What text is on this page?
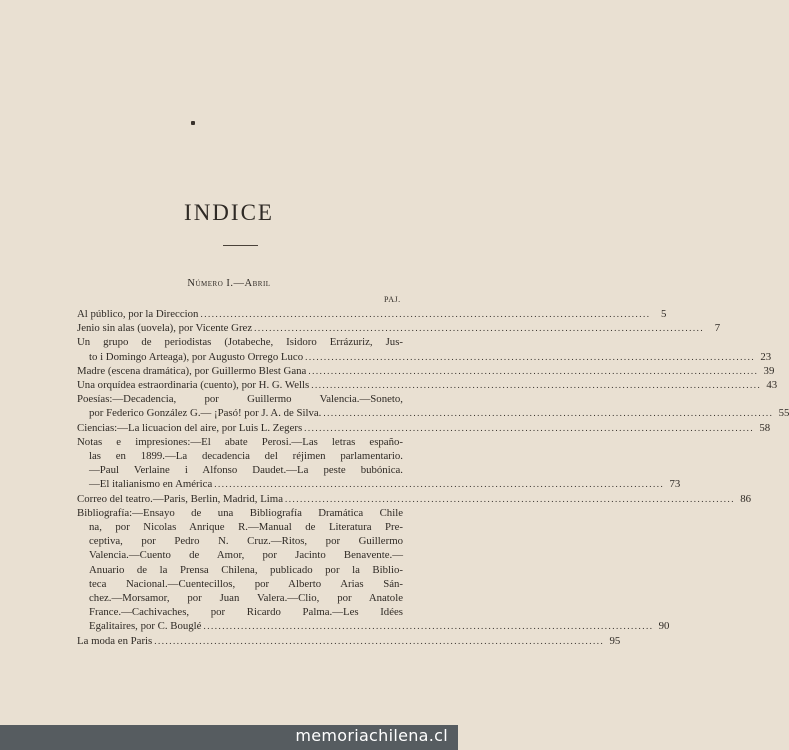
INDICE
Número I.—Abril
PAJ.
Al público, por la Direccion ........................................................................................................................ 5
Jenio sin alas (uovela), por Vicente Grez ........................................................................................................................ 7
Un grupo de periodistas (Jotabeche, Isidoro Errázuriz, Jus-
to i Domingo Arteaga), por Augusto Orrego Luco ........................................................................................................................ 23
Madre (escena dramática), por Guillermo Blest Gana ........................................................................................................................ 39
Una orquídea estraordinaria (cuento), por H. G. Wells ........................................................................................................................ 43
Poesías:—Decadencia, por Guillermo Valencia.—Soneto,
por Federico González G.— ¡Pasó! por J. A. de Silva. ........................................................................................................................ 55
Ciencias:—La licuacion del aire, por Luis L. Zegers ........................................................................................................................ 58
Notas e impresiones:—El abate Perosi.—Las letras españo-
las en 1899.—La decadencia del réjimen parlamentario.
—Paul Verlaine i Alfonso Daudet.—La peste bubónica.
—El italianismo en América ........................................................................................................................ 73
Correo del teatro.—Paris, Berlin, Madrid, Lima ........................................................................................................................ 86
Bibliografía:—Ensayo de una Bibliografía Dramática Chile
na, por Nicolas Anrique R.—Manual de Literatura Pre-
ceptiva, por Pedro N. Cruz.—Ritos, por Guillermo
Valencia.—Cuento de Amor, por Jacinto Benavente.—
Anuario de la Prensa Chilena, publicado por la Biblio-
teca Nacional.—Cuentecillos, por Alberto Arias Sán-
chez.—Morsamor, por Juan Valera.—Clio, por Anatole
France.—Cachivaches, por Ricardo Palma.—Les Idées
Egalitaires, por C. Bouglé ........................................................................................................................ 90
La moda en Paris ........................................................................................................................ 95
memoriachilena.cl
